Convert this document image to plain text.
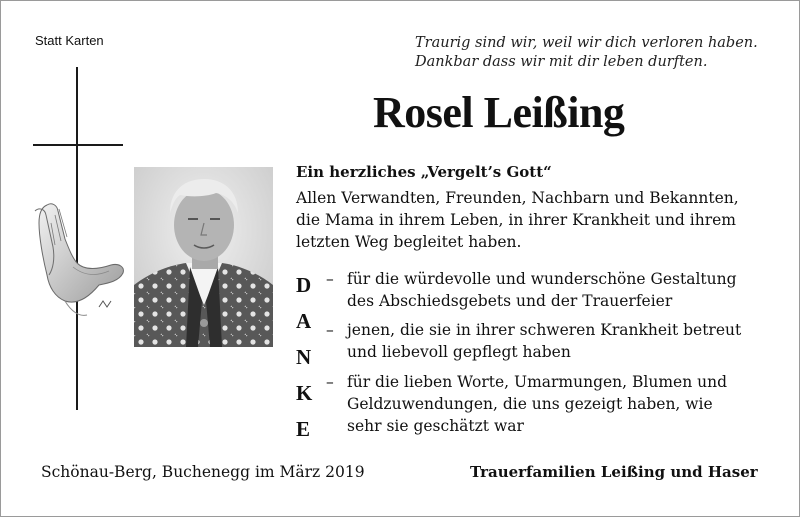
Statt Karten	Traurig sind wir, weil wir dich verloren haben.
Dankbar dass wir mit dir leben durften.
Rosel Leißing
Ein herzliches „Vergelt’s Gott“
Allen Verwandten, Freunden, Nachbarn und Bekannten,
die Mama in ihrem Leben, in ihrer Krankheit und ihrem
letzten Weg begleitet haben.
D
A
N
K
E
– für die würdevolle und wunderschöne Gestaltung
des Abschiedsgebets und der Trauerfeier
– jenen, die sie in ihrer schweren Krankheit betreut
und liebevoll gepflegt haben
– für die lieben Worte, Umarmungen, Blumen und
Geldzuwendungen, die uns gezeigt haben, wie
sehr sie geschätzt war
Schönau-Berg, Buchenegg im März 2019	Trauerfamilien Leißing und Haser
